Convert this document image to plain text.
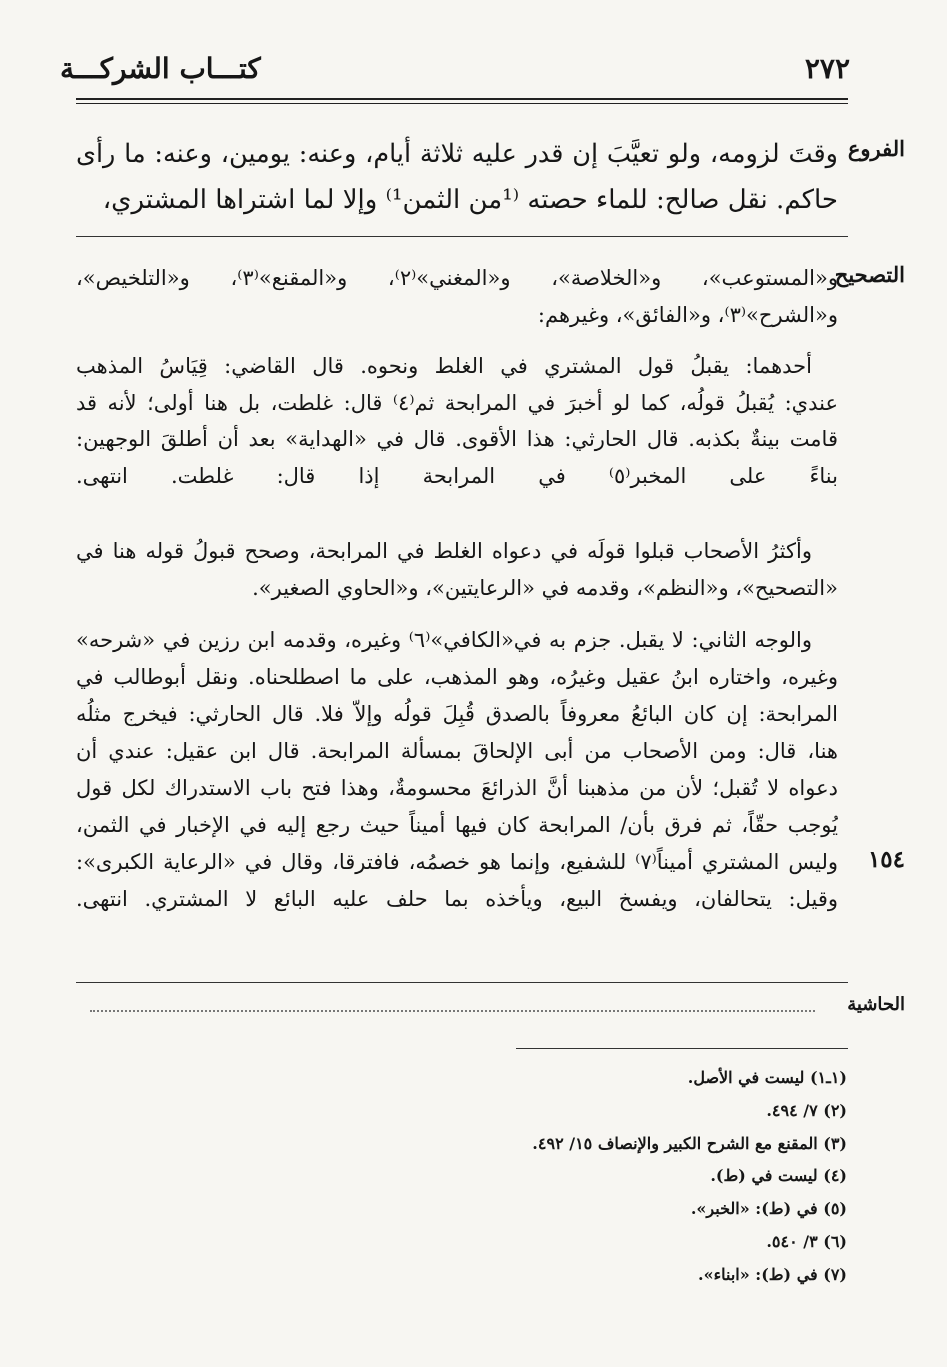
كتـــاب الشركـــة	٢٧٢
الفروع
وقتَ لزومه، ولو تعيَّبَ إن قدر عليه ثلاثة أيام، وعنه: يومين، وعنه: ما رأى
حاكم. نقل صالح: للماء حصته ⁽¹من الثمن¹⁾ وإلا لما اشتراها المشتري،
التصحيح
١٥٤
و«المستوعب»، و«الخلاصة»، و«المغني»⁽٢⁾، و«المقنع»⁽٣⁾، و«التلخيص»،
و«الشرح»⁽٣⁾، و«الفائق»، وغيرهم:
أحدهما: يقبلُ قول المشتري في الغلط ونحوه. قال القاضي: قِيَاسُ المذهب
عندي: يُقبلُ قولُه، كما لو أخبرَ في المرابحة ثم⁽٤⁾ قال: غلطت، بل هنا أولى؛ لأنه قد
قامت بينةٌ بكذبه. قال الحارثي: هذا الأقوى. قال في «الهداية» بعد أن أطلقَ الوجهين:
بناءً على المخبر⁽٥⁾ في المرابحة إذا قال: غلطت. انتهى.
وأكثرُ الأصحاب قبلوا قولَه في دعواه الغلط في المرابحة، وصحح قبولُ قوله هنا في
«التصحيح»، و«النظم»، وقدمه في «الرعايتين»، و«الحاوي الصغير».
والوجه الثاني: لا يقبل. جزم به في«الكافي»⁽٦⁾ وغيره، وقدمه ابن رزين في «شرحه»
وغيره، واختاره ابنُ عقيل وغيرُه، وهو المذهب، على ما اصطلحناه. ونقل أبوطالب في
المرابحة: إن كان البائعُ معروفاً بالصدق قُبِلَ قولُه وإلاّ فلا. قال الحارثي: فيخرج مثلُه
هنا، قال: ومن الأصحاب من أبى الإلحاقَ بمسألة المرابحة. قال ابن عقيل: عندي أن
دعواه لا تُقبل؛ لأن من مذهبنا أنَّ الذرائعَ محسومةٌ، وهذا فتح باب الاستدراك لكل قول
يُوجب حقّاً، ثم فرق بأن/ المرابحة كان فيها أميناً حيث رجع إليه في الإخبار في الثمن،
وليس المشتري أميناً⁽٧⁾ للشفيع، وإنما هو خصمُه، فافترقا، وقال في «الرعاية الكبرى»:
وقيل: يتحالفان، ويفسخ البيع، ويأخذه بما حلف عليه البائع لا المشتري. انتهى.
الحاشية
(١ـ١) ليست في الأصل.
(٢) ٧/ ٤٩٤.
(٣) المقنع مع الشرح الكبير والإنصاف ١٥/ ٤٩٢.
(٤) ليست في (ط).
(٥) في (ط): «الخبر».
(٦) ٣/ ٥٤٠.
(٧) في (ط): «ابناء».
